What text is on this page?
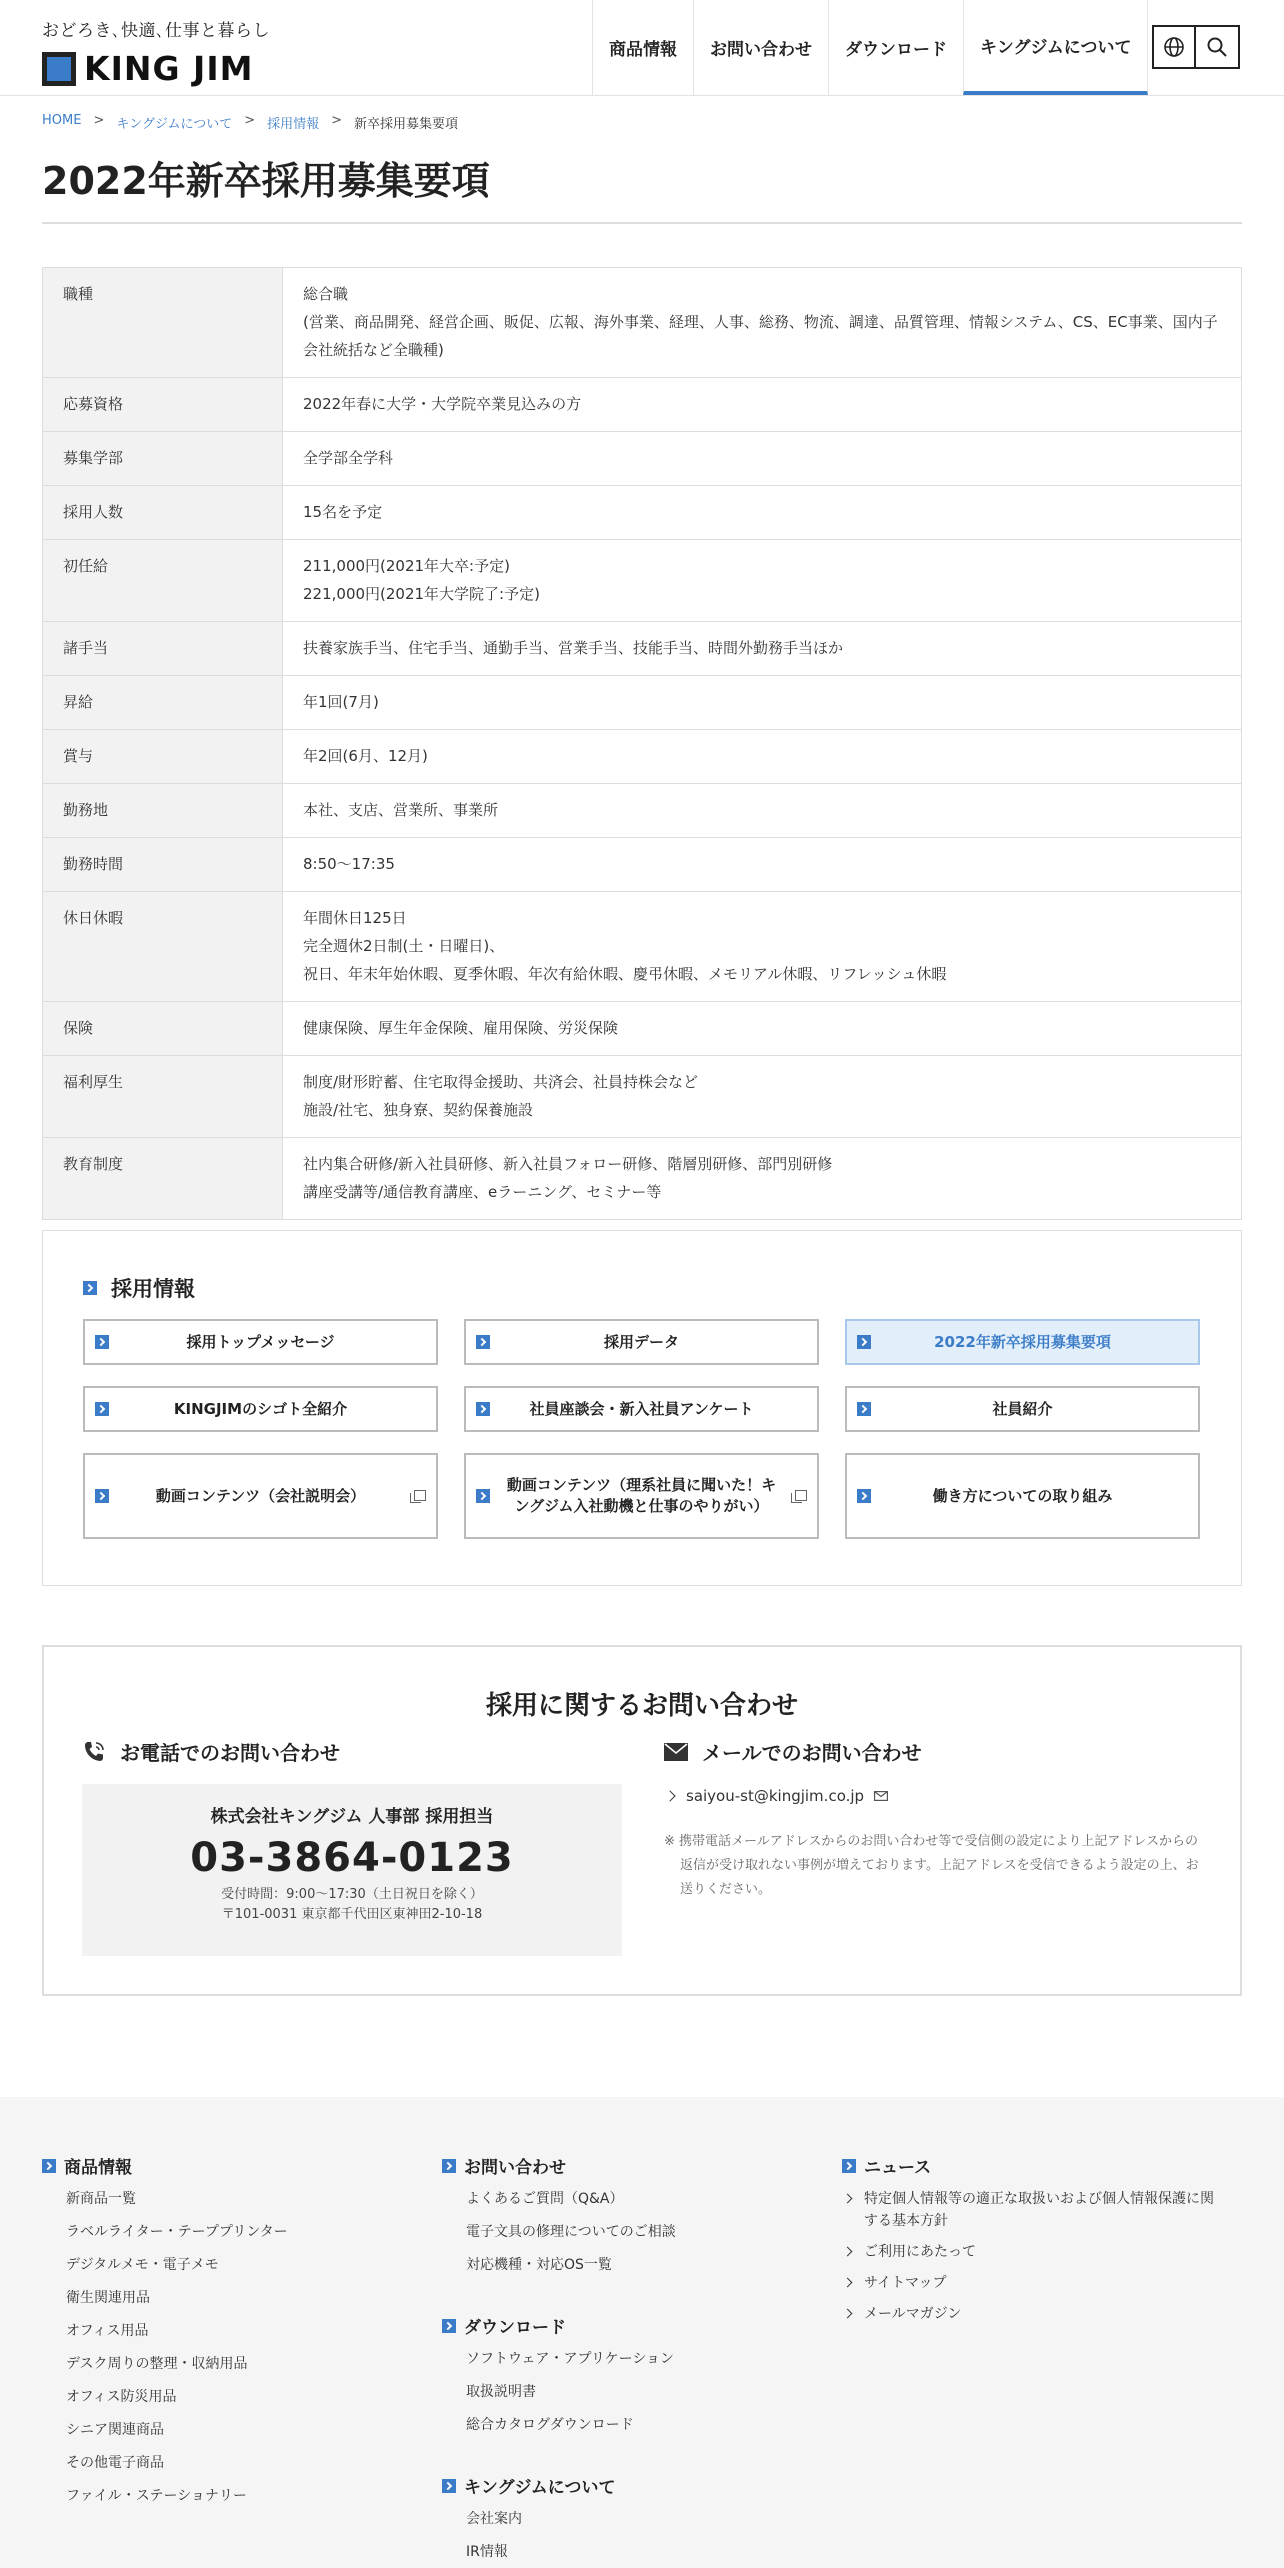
おどろき､快適､仕事と暮らし
KING JIM	商品情報	お問い合わせ	ダウンロード	キングジムについて
HOME > キングジムについて > 採用情報 > 新卒採用募集要項
2022年新卒採用募集要項
職種	総合職
(営業、商品開発、経営企画、販促、広報、海外事業、経理、人事、総務、物流、調達、品質管理、情報システム、CS、EC事業、国内子会社統括など全職種)

応募資格	2022年春に大学・大学院卒業見込みの方

募集学部	全学部全学科

採用人数	15名を予定

初任給	211,000円(2021年大卒:予定)
221,000円(2021年大学院了:予定)

諸手当	扶養家族手当、住宅手当、通勤手当、営業手当、技能手当、時間外勤務手当ほか

昇給	年1回(7月)

賞与	年2回(6月、12月)

勤務地	本社、支店、営業所、事業所

勤務時間	8:50～17:35

休日休暇	年間休日125日
完全週休2日制(土・日曜日)、
祝日、年末年始休暇、夏季休暇、年次有給休暇、慶弔休暇、メモリアル休暇、リフレッシュ休暇

保険	健康保険、厚生年金保険、雇用保険、労災保険

福利厚生	制度/財形貯蓄、住宅取得金援助、共済会、社員持株会など
施設/社宅、独身寮、契約保養施設

教育制度	社内集合研修/新入社員研修、新入社員フォロー研修、階層別研修、部門別研修
講座受講等/通信教育講座、eラーニング、セミナー等
採用情報
採用トップメッセージ	採用データ	2022年新卒採用募集要項
KINGJIMのシゴト全紹介	社員座談会・新入社員アンケート	社員紹介
動画コンテンツ（会社説明会）
動画コンテンツ（理系社員に聞いた！キングジム入社動機と仕事のやりがい）
働き方についての取り組み
採用に関するお問い合わせ
お電話でのお問い合わせ
株式会社キングジム 人事部 採用担当
03-3864-0123
受付時間：9:00～17:30（土日祝日を除く）
〒101-0031 東京都千代田区東神田2-10-18
メールでのお問い合わせ
saiyou-st@kingjim.co.jp
※ 携帯電話メールアドレスからのお問い合わせ等で受信側の設定により上記アドレスからの返信が受け取れない事例が増えております。上記アドレスを受信できるよう設定の上、お送りください。
商品情報
新商品一覧
ラベルライター・テーププリンター
デジタルメモ・電子メモ
衛生関連用品
オフィス用品
デスク周りの整理・収納用品
オフィス防災用品
シニア関連商品
その他電子商品
ファイル・ステーショナリー
お問い合わせ
よくあるご質問（Q&A）
電子文具の修理についてのご相談
対応機種・対応OS一覧
ダウンロード
ソフトウェア・アプリケーション
取扱説明書
総合カタログダウンロード
キングジムについて
会社案内
IR情報
ニュース
特定個人情報等の適正な取扱いおよび個人情報保護に関する基本方針
ご利用にあたって
サイトマップ
メールマガジン
